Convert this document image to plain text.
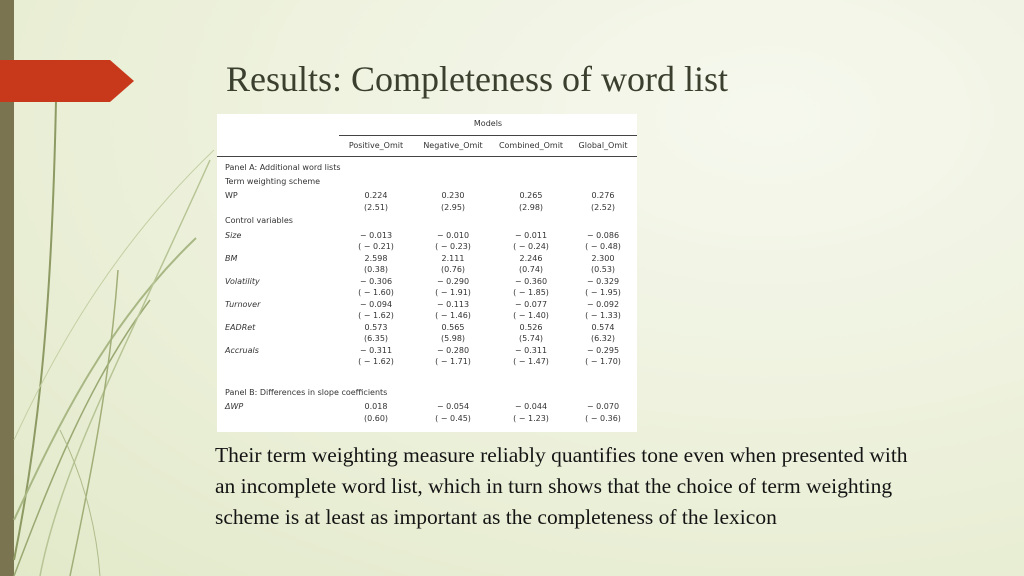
Results: Completeness of word list
	Models			
	Positive_Omit	Negative_Omit	Combined_Omit	Global_Omit
Panel A: Additional word lists				
Term weighting scheme				
WP	0.224	0.230	0.265	0.276
	(2.51)	(2.95)	(2.98)	(2.52)
Control variables				
Size	− 0.013	− 0.010	− 0.011	− 0.086
	( − 0.21)	( − 0.23)	( − 0.24)	( − 0.48)
BM	2.598	2.111	2.246	2.300
	(0.38)	(0.76)	(0.74)	(0.53)
Volatility	− 0.306	− 0.290	− 0.360	− 0.329
	( − 1.60)	( − 1.91)	( − 1.85)	( − 1.95)
Turnover	− 0.094	− 0.113	− 0.077	− 0.092
	( − 1.62)	( − 1.46)	( − 1.40)	( − 1.33)
EADRet	0.573	0.565	0.526	0.574
	(6.35)	(5.98)	(5.74)	(6.32)
Accruals	− 0.311	− 0.280	− 0.311	− 0.295
	( − 1.62)	( − 1.71)	( − 1.47)	( − 1.70)

Panel B: Differences in slope coefficients				
ΔWP	0.018	− 0.054	− 0.044	− 0.070
	(0.60)	( − 0.45)	( − 1.23)	( − 0.36)

Their term weighting measure reliably quantifies tone even when presented with an incomplete word list, which in turn shows that the choice of term weighting scheme is at least as important as the completeness of the lexicon
